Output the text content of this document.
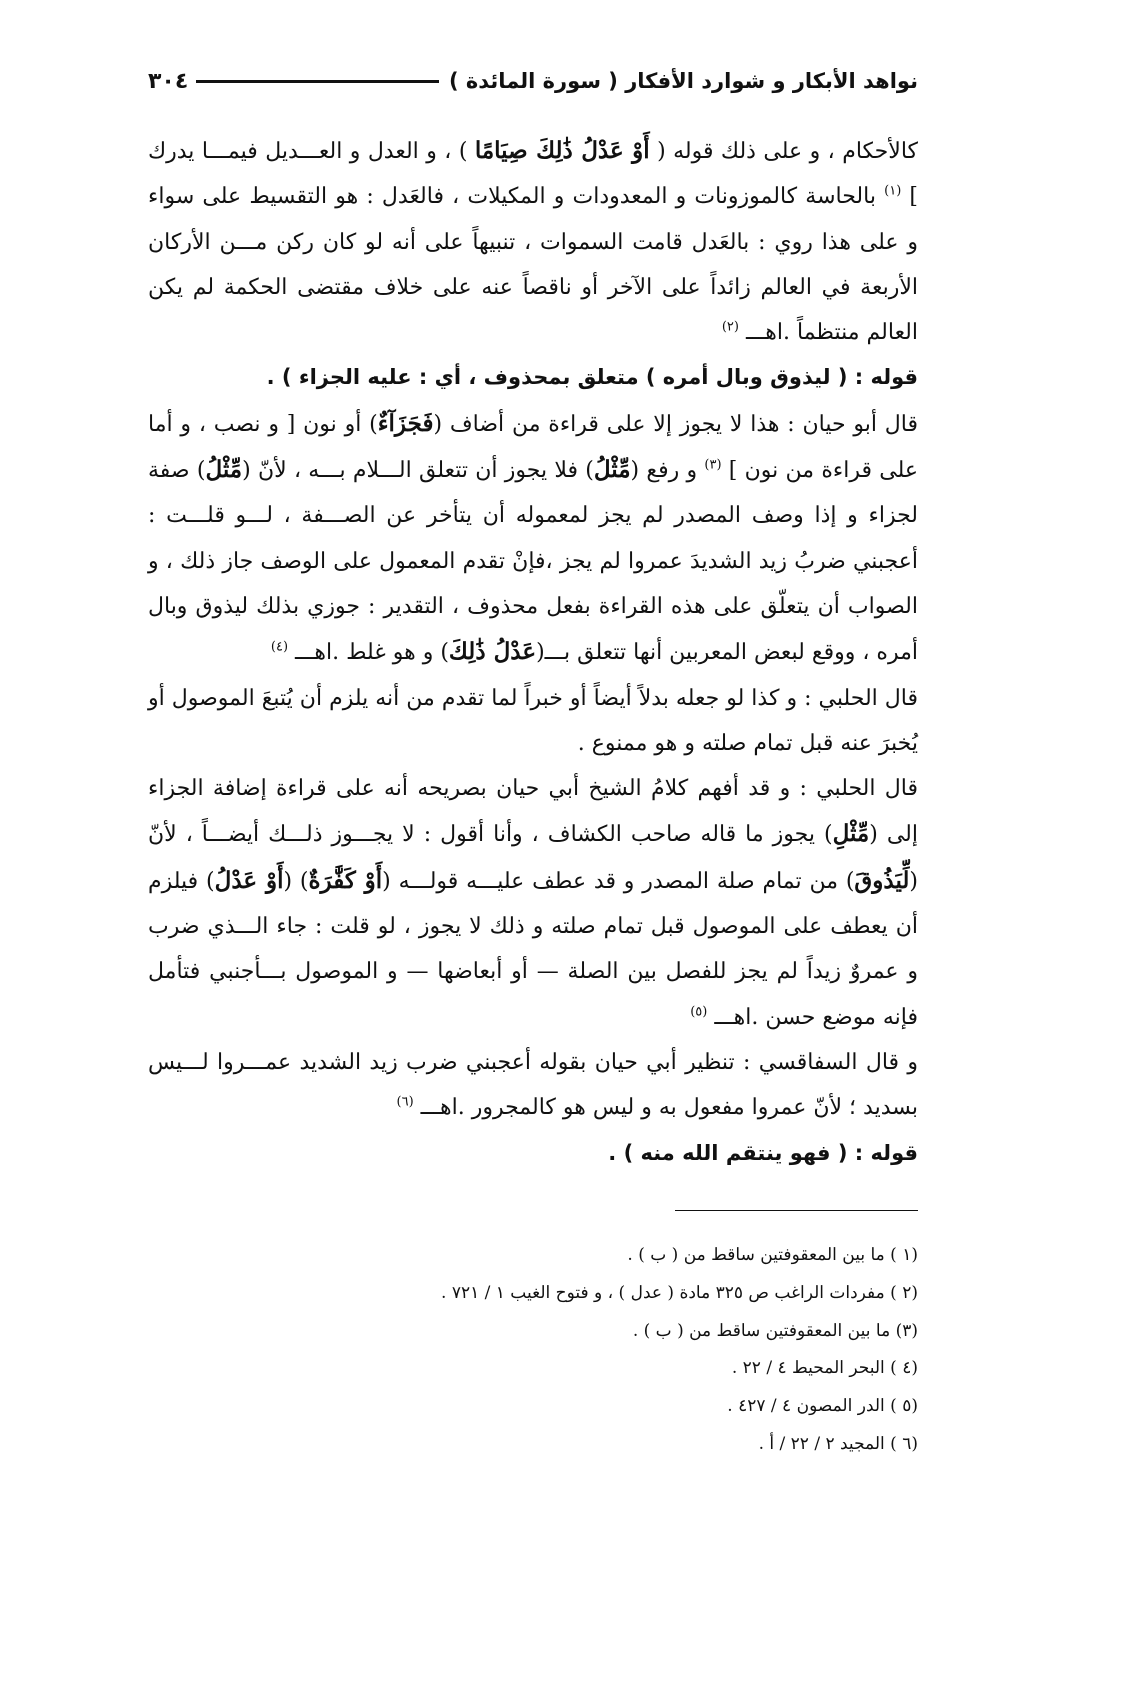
نواهد الأبكار و شوارد الأفكار ( سورة المائدة )
٣٠٤

كالأحكام ، و على ذلك قوله ( أَوْ عَدْلُ ذَٰلِكَ صِيَامًا ) ، و العدل و العـــديل فيمـــا يدرك ] $^{(١)}$ بالحاسة كالموزونات و المعدودات و المكيلات ، فالعَدل : هو التقسيط على سواء و على هذا روي : بالعَدل قامت السموات ، تنبيهاً على أنه لو كان ركن مـــن الأركان الأربعة في العالم زائداً على الآخر أو ناقصاً عنه على خلاف مقتضى الحكمة لم يكن العالم منتظماً .اهـــ $^{(٢)}$

قوله : ( ليذوق وبال أمره ) متعلق بمحذوف ، أي : عليه الجزاء ) .

قال أبو حيان : هذا لا يجوز إلا على قراءة من أضاف (فَجَزَآءٌ) أو نون [ و نصب ، و أما على قراءة من نون ] $^{(٣)}$ و رفع (مِّثْلُ) فلا يجوز أن تتعلق الـــلام بـــه ، لأنّ (مِّثْلُ) صفة لجزاء و إذا وصف المصدر لم يجز لمعموله أن يتأخر عن الصـــفة ، لـــو قلـــت : أعجبني ضربُ زيد الشديدَ عمروا لم يجز ،فإنْ تقدم المعمول على الوصف جاز ذلك ، و الصواب أن يتعلّق على هذه القراءة بفعل محذوف ، التقدير : جوزي بذلك ليذوق وبال أمره ، ووقع لبعض المعربين أنها تتعلق بـــ(عَدْلُ ذَٰلِكَ) و هو غلط .اهـــ $^{(٤)}$

قال الحلبي : و كذا لو جعله بدلاً أيضاً أو خبراً لما تقدم من أنه يلزم أن يُتبعَ الموصول أو يُخبرَ عنه قبل تمام صلته و هو ممنوع .

قال الحلبي : و قد أفهم كلامُ الشيخ أبي حيان بصريحه أنه على قراءة إضافة الجزاء إلى (مِّثْلِ) يجوز ما قاله صاحب الكشاف ، وأنا أقول : لا يجـــوز ذلـــك أيضـــاً ، لأنّ (لِّيَذُوقَ) من تمام صلة المصدر و قد عطف عليـــه قولـــه (أَوْ كَفَّٰرَةٌ) (أَوْ عَدْلُ) فيلزم أن يعطف على الموصول قبل تمام صلته و ذلك لا يجوز ، لو قلت : جاء الـــذي ضرب و عمروٌ زيداً لم يجز للفصل بين الصلة — أو أبعاضها — و الموصول بـــأجنبي فتأمل فإنه موضع حسن .اهـــ $^{(٥)}$

و قال السفاقسي : تنظير أبي حيان بقوله أعجبني ضرب زيد الشديد عمـــروا لـــيس بسديد ؛ لأنّ عمروا مفعول به و ليس هو كالمجرور .اهـــ $^{(٦)}$

قوله : ( فهو ينتقم الله منه ) .

(١ ) ما بين المعقوفتين ساقط من ( ب ) .

(٢ ) مفردات الراغب ص ٣٢٥ مادة ( عدل ) ، و فتوح الغيب ١ / ٧٢١ .

(٣) ما بين المعقوفتين ساقط من ( ب ) .

(٤ ) البحر المحيط ٤ / ٢٢ .

(٥ ) الدر المصون ٤ / ٤٢٧ .

(٦ ) المجيد ٢ / ٢٢ / أ .
